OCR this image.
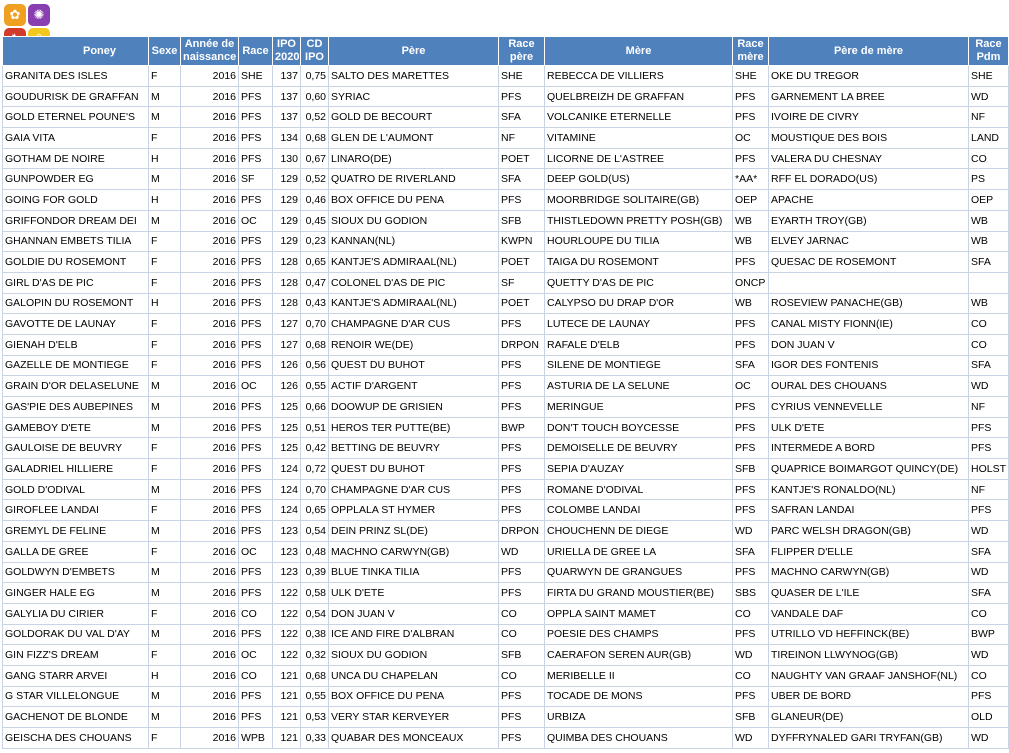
✿	✺
Poney	Sexe	Année de naissance	Race	IPO 2020	CD IPO	Père	Race père	Mère	Race mère	Père de mère	Race Pdm
GRANITA DES ISLES	F	2016	SHE	137	0,75	SALTO DES MARETTES	SHE	REBECCA DE VILLIERS	SHE	OKE DU TREGOR	SHE
GOUDURISK DE GRAFFAN	M	2016	PFS	137	0,60	SYRIAC	PFS	QUELBREIZH DE GRAFFAN	PFS	GARNEMENT LA BREE	WD
GOLD ETERNEL POUNE'S	M	2016	PFS	137	0,52	GOLD DE BECOURT	SFA	VOLCANIKE ETERNELLE	PFS	IVOIRE DE CIVRY	NF
GAIA VITA	F	2016	PFS	134	0,68	GLEN DE L'AUMONT	NF	VITAMINE	OC	MOUSTIQUE DES BOIS	LAND
GOTHAM DE NOIRE	H	2016	PFS	130	0,67	LINARO(DE)	POET	LICORNE DE L'ASTREE	PFS	VALERA DU CHESNAY	CO
GUNPOWDER EG	M	2016	SF	129	0,52	QUATRO DE RIVERLAND	SFA	DEEP GOLD(US)	*AA*	RFF EL DORADO(US)	PS
GOING FOR GOLD	H	2016	PFS	129	0,46	BOX OFFICE DU PENA	PFS	MOORBRIDGE SOLITAIRE(GB)	OEP	APACHE	OEP
GRIFFONDOR DREAM DEI	M	2016	OC	129	0,45	SIOUX DU GODION	SFB	THISTLEDOWN PRETTY POSH(GB)	WB	EYARTH TROY(GB)	WB
GHANNAN EMBETS TILIA	F	2016	PFS	129	0,23	KANNAN(NL)	KWPN	HOURLOUPE DU TILIA	WB	ELVEY JARNAC	WB
GOLDIE DU ROSEMONT	F	2016	PFS	128	0,65	KANTJE'S ADMIRAAL(NL)	POET	TAIGA DU ROSEMONT	PFS	QUESAC DE ROSEMONT	SFA
GIRL D'AS DE PIC	F	2016	PFS	128	0,47	COLONEL D'AS DE PIC	SF	QUETTY D'AS DE PIC	ONCP		
GALOPIN DU ROSEMONT	H	2016	PFS	128	0,43	KANTJE'S ADMIRAAL(NL)	POET	CALYPSO DU DRAP D'OR	WB	ROSEVIEW PANACHE(GB)	WB
GAVOTTE DE LAUNAY	F	2016	PFS	127	0,70	CHAMPAGNE D'AR CUS	PFS	LUTECE DE LAUNAY	PFS	CANAL MISTY FIONN(IE)	CO
GIENAH D'ELB	F	2016	PFS	127	0,68	RENOIR WE(DE)	DRPON	RAFALE D'ELB	PFS	DON JUAN V	CO
GAZELLE DE MONTIEGE	F	2016	PFS	126	0,56	QUEST DU BUHOT	PFS	SILENE DE MONTIEGE	SFA	IGOR DES FONTENIS	SFA
GRAIN D'OR DELASELUNE	M	2016	OC	126	0,55	ACTIF D'ARGENT	PFS	ASTURIA DE LA SELUNE	OC	OURAL DES CHOUANS	WD
GAS'PIE DES AUBEPINES	M	2016	PFS	125	0,66	DOOWUP DE GRISIEN	PFS	MERINGUE	PFS	CYRIUS VENNEVELLE	NF
GAMEBOY D'ETE	M	2016	PFS	125	0,51	HEROS TER PUTTE(BE)	BWP	DON'T TOUCH BOYCESSE	PFS	ULK D'ETE	PFS
GAULOISE DE BEUVRY	F	2016	PFS	125	0,42	BETTING DE BEUVRY	PFS	DEMOISELLE DE BEUVRY	PFS	INTERMEDE A BORD	PFS
GALADRIEL HILLIERE	F	2016	PFS	124	0,72	QUEST DU BUHOT	PFS	SEPIA D'AUZAY	SFB	QUAPRICE BOIMARGOT QUINCY(DE)	HOLST
GOLD D'ODIVAL	M	2016	PFS	124	0,70	CHAMPAGNE D'AR CUS	PFS	ROMANE D'ODIVAL	PFS	KANTJE'S RONALDO(NL)	NF
GIROFLEE LANDAI	F	2016	PFS	124	0,65	OPPLALA ST HYMER	PFS	COLOMBE LANDAI	PFS	SAFRAN LANDAI	PFS
GREMYL DE FELINE	M	2016	PFS	123	0,54	DEIN PRINZ SL(DE)	DRPON	CHOUCHENN DE DIEGE	WD	PARC WELSH DRAGON(GB)	WD
GALLA DE GREE	F	2016	OC	123	0,48	MACHNO CARWYN(GB)	WD	URIELLA DE GREE LA	SFA	FLIPPER D'ELLE	SFA
GOLDWYN D'EMBETS	M	2016	PFS	123	0,39	BLUE TINKA TILIA	PFS	QUARWYN DE GRANGUES	PFS	MACHNO CARWYN(GB)	WD
GINGER HALE EG	M	2016	PFS	122	0,58	ULK D'ETE	PFS	FIRTA DU GRAND MOUSTIER(BE)	SBS	QUASER DE L'ILE	SFA
GALYLIA DU CIRIER	F	2016	CO	122	0,54	DON JUAN V	CO	OPPLA SAINT MAMET	CO	VANDALE DAF	CO
GOLDORAK DU VAL D'AY	M	2016	PFS	122	0,38	ICE AND FIRE D'ALBRAN	CO	POESIE DES CHAMPS	PFS	UTRILLO VD HEFFINCK(BE)	BWP
GIN FIZZ'S DREAM	F	2016	OC	122	0,32	SIOUX DU GODION	SFB	CAERAFON SEREN AUR(GB)	WD	TIREINON LLWYNOG(GB)	WD
GANG STARR ARVEI	H	2016	CO	121	0,68	UNCA DU CHAPELAN	CO	MERIBELLE II	CO	NAUGHTY VAN GRAAF JANSHOF(NL)	CO
G STAR VILLELONGUE	M	2016	PFS	121	0,55	BOX OFFICE DU PENA	PFS	TOCADE DE MONS	PFS	UBER DE BORD	PFS
GACHENOT DE BLONDE	M	2016	PFS	121	0,53	VERY STAR KERVEYER	PFS	URBIZA	SFB	GLANEUR(DE)	OLD
GEISCHA DES CHOUANS	F	2016	WPB	121	0,33	QUABAR DES MONCEAUX	PFS	QUIMBA DES CHOUANS	WD	DYFFRYNALED GARI TRYFAN(GB)	WD
